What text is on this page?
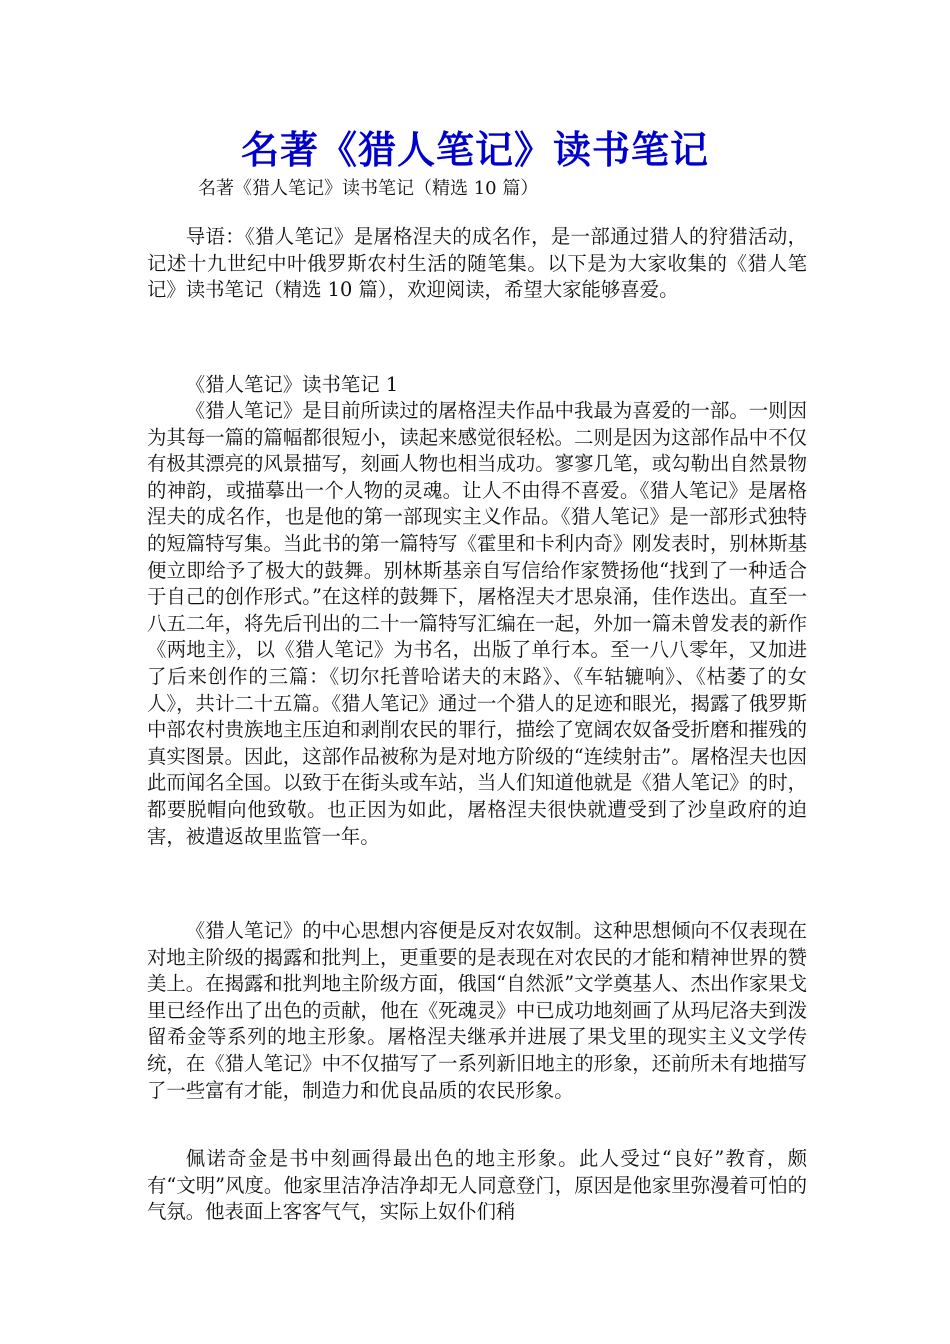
名著《猎人笔记》读书笔记
名著《猎人笔记》读书笔记（精选 10 篇）

导语：《猎人笔记》是屠格涅夫的成名作，是一部通过猎人的狩猎活动，记述十九世纪中叶俄罗斯农村生活的随笔集。以下是为大家收集的《猎人笔记》读书笔记（精选 10 篇），欢迎阅读，希望大家能够喜爱。

《猎人笔记》读书笔记 1

《猎人笔记》是目前所读过的屠格涅夫作品中我最为喜爱的一部。一则因为其每一篇的篇幅都很短小，读起来感觉很轻松。二则是因为这部作品中不仅有极其漂亮的风景描写，刻画人物也相当成功。寥寥几笔，或勾勒出自然景物的神韵，或描摹出一个人物的灵魂。让人不由得不喜爱。《猎人笔记》是屠格涅夫的成名作，也是他的第一部现实主义作品。《猎人笔记》是一部形式独特的短篇特写集。当此书的第一篇特写《霍里和卡利内奇》刚发表时，别林斯基便立即给予了极大的鼓舞。别林斯基亲自写信给作家赞扬他“找到了一种适合于自己的创作形式。”在这样的鼓舞下，屠格涅夫才思泉涌，佳作迭出。直至一八五二年，将先后刊出的二十一篇特写汇编在一起，外加一篇未曾发表的新作《两地主》，以《猎人笔记》为书名，出版了单行本。至一八八零年，又加进了后来创作的三篇：《切尔托普哈诺夫的末路》、《车轱辘响》、《枯萎了的女人》，共计二十五篇。《猎人笔记》通过一个猎人的足迹和眼光，揭露了俄罗斯中部农村贵族地主压迫和剥削农民的罪行，描绘了宽阔农奴备受折磨和摧残的真实图景。因此，这部作品被称为是对地方阶级的“连续射击”。屠格涅夫也因此而闻名全国。以致于在街头或车站，当人们知道他就是《猎人笔记》的时，都要脱帽向他致敬。也正因为如此，屠格涅夫很快就遭受到了沙皇政府的迫害，被遣返故里监管一年。

《猎人笔记》的中心思想内容便是反对农奴制。这种思想倾向不仅表现在对地主阶级的揭露和批判上，更重要的是表现在对农民的才能和精神世界的赞美上。在揭露和批判地主阶级方面，俄国“自然派”文学奠基人、杰出作家果戈里已经作出了出色的贡献，他在《死魂灵》中已成功地刻画了从玛尼洛夫到泼留希金等系列的地主形象。屠格涅夫继承并进展了果戈里的现实主义文学传统，在《猎人笔记》中不仅描写了一系列新旧地主的形象，还前所未有地描写了一些富有才能，制造力和优良品质的农民形象。

佩诺奇金是书中刻画得最出色的地主形象。此人受过“良好”教育，颇有“文明”风度。他家里洁净洁净却无人同意登门，原因是他家里弥漫着可怕的气氛。他表面上客客气气，实际上奴仆们稍
